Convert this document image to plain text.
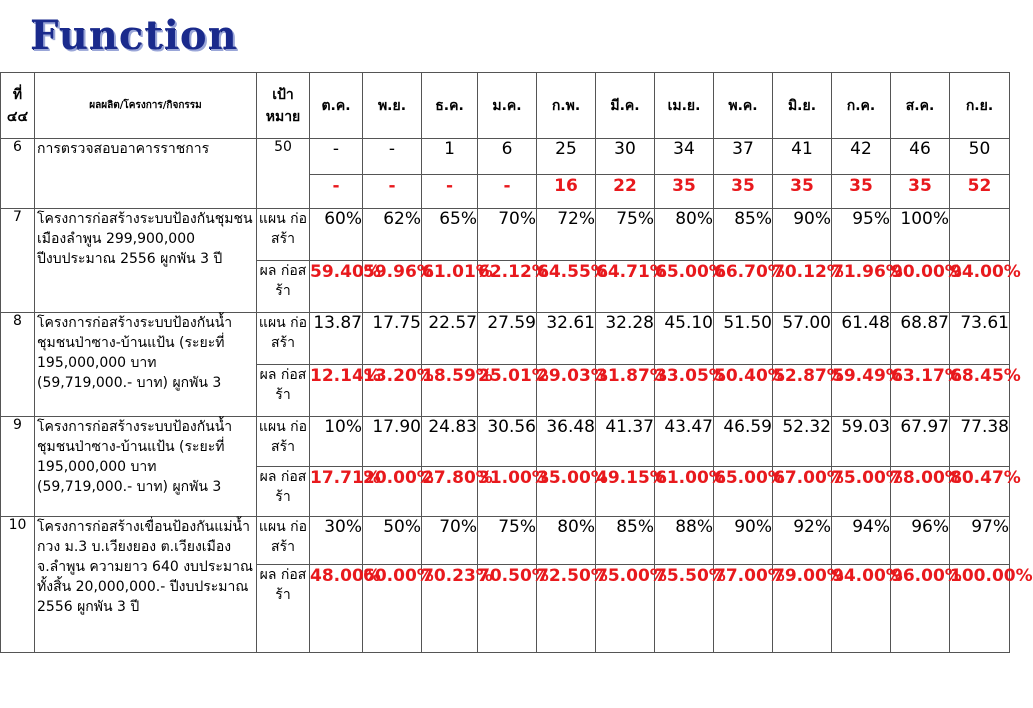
Function
ที่ ๔๔	ผลผลิต/โครงการ/กิจกรรม	เป้าหมาย	ต.ค.	พ.ย.	ธ.ค.	ม.ค.	ก.พ.	มี.ค.	เม.ย.	พ.ค.	มิ.ย.	ก.ค.	ส.ค.	ก.ย.
6	การตรวจสอบอาคารราชการ	50	-	-	1	6	25	30	34	37	41	42	46	50
			-	-	-	-	16	22	35	35	35	35	35	52
7	โครงการก่อสร้างระบบป้องกันชุมชนเมืองลำพูน 299,900,000 ปีงบประมาณ 2556 ผูกพัน 3 ปี	แผน ก่อสร้า	60%	62%	65%	70%	72%	75%	80%	85%	90%	95%	100%	
		ผล ก่อสร้า	59.40%	59.96%	61.01%	62.12%	64.55%	64.71%	65.00%	66.70%	70.12%	71.96%	90.00%	94.00%
8	โครงการก่อสร้างระบบป้องกันน้ำชุมชนป่าซาง-บ้านแป้น (ระยะที่ 195,000,000 บาท (59,719,000.- บาท) ผูกพัน 3	แผน ก่อสร้า	13.87	17.75	22.57	27.59	32.61	32.28	45.10	51.50	57.00	61.48	68.87	73.61
		ผล ก่อสร้า	12.14%	13.20%	18.59%	25.01%	29.03%	31.87%	33.05%	50.40%	52.87%	59.49%	63.17%	68.45%
9	โครงการก่อสร้างระบบป้องกันน้ำชุมชนป่าซาง-บ้านแป้น (ระยะที่ 195,000,000 บาท (59,719,000.- บาท) ผูกพัน 3	แผน ก่อสร้า	10%	17.90	24.83	30.56	36.48	41.37	43.47	46.59	52.32	59.03	67.97	77.38
		ผล ก่อสร้า	17.71%	20.00%	27.80%	31.00%	35.00%	49.15%	61.00%	65.00%	67.00%	75.00%	78.00%	80.47%
10	โครงการก่อสร้างเขื่อนป้องกันแม่น้ำกวง ม.3 บ.เวียงยอง ต.เวียงเมือง จ.ลำพูน ความยาว 640 งบประมาณทั้งสิ้น 20,000,000.- ปีงบประมาณ 2556 ผูกพัน 3 ปี	แผน ก่อสร้า	30%	50%	70%	75%	80%	85%	88%	90%	92%	94%	96%	97%
		ผล ก่อสร้า	48.00%	60.00%	70.23%	70.50%	72.50%	75.00%	75.50%	77.00%	79.00%	94.00%	96.00%	100.00%
